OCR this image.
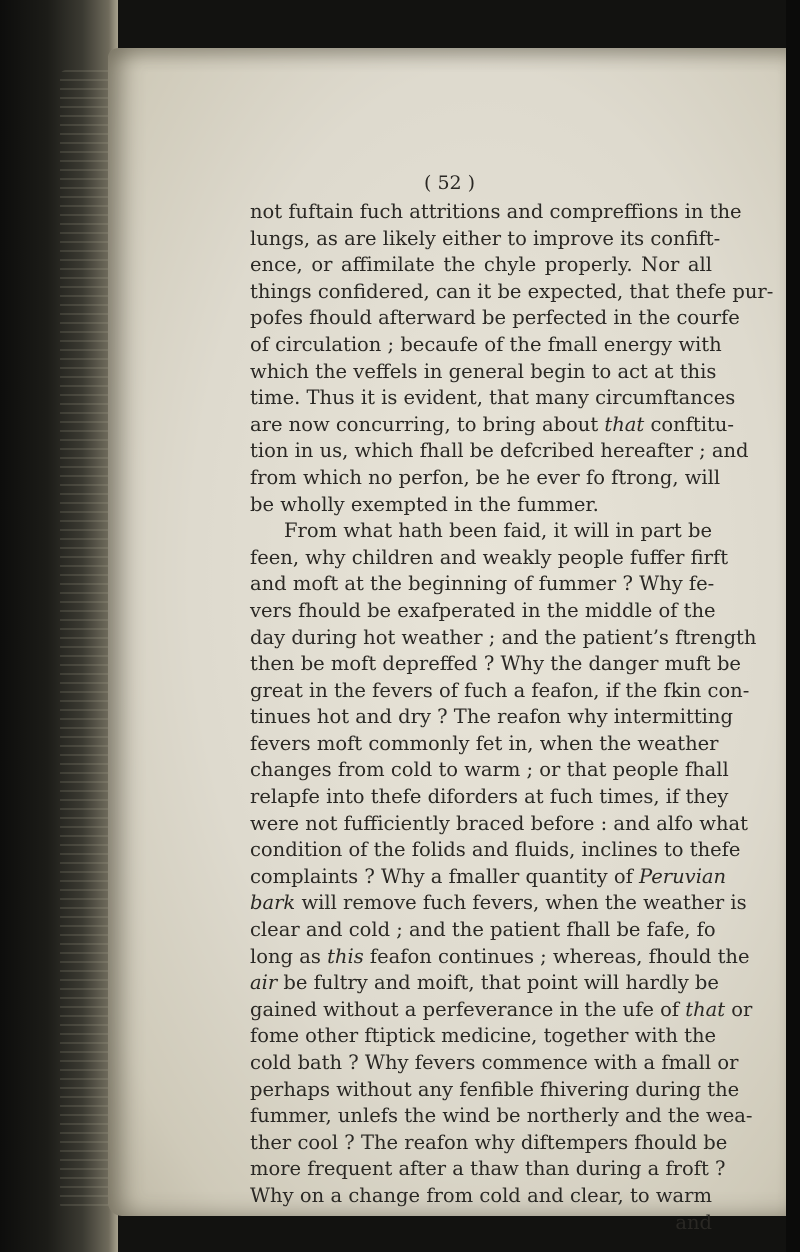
( 52 )
not fuftain fuch attritions and compreffions in the
lungs, as are likely either to improve its confift-
ence, or affimilate the chyle properly. Nor all
things confidered, can it be expected, that thefe pur-
pofes fhould afterward be perfected in the courfe
of circulation ; becaufe of the fmall energy with
which the veffels in general begin to act at this
time. Thus it is evident, that many circumftances
are now concurring, to bring about that conftitu-
tion in us, which fhall be defcribed hereafter ; and
from which no perfon, be he ever fo ftrong, will
be wholly exempted in the fummer.
From what hath been faid, it will in part be
feen, why children and weakly people fuffer firft
and moft at the beginning of fummer ? Why fe-
vers fhould be exafperated in the middle of the
day during hot weather ; and the patient’s ftrength
then be moft depreffed ? Why the danger muft be
great in the fevers of fuch a feafon, if the fkin con-
tinues hot and dry ? The reafon why intermitting
fevers moft commonly fet in, when the weather
changes from cold to warm ; or that people fhall
relapfe into thefe diforders at fuch times, if they
were not fufficiently braced before : and alfo what
condition of the folids and fluids, inclines to thefe
complaints ? Why a fmaller quantity of Peruvian
bark will remove fuch fevers, when the weather is
clear and cold ; and the patient fhall be fafe, fo
long as this feafon continues ; whereas, fhould the
air be fultry and moift, that point will hardly be
gained without a perfeverance in the ufe of that or
fome other ftiptick medicine, together with the
cold bath ? Why fevers commence with a fmall or
perhaps without any fenfible fhivering during the
fummer, unlefs the wind be northerly and the wea-
ther cool ? The reafon why diftempers fhould be
more frequent after a thaw than during a froft ?
Why on a change from cold and clear, to warm
and
